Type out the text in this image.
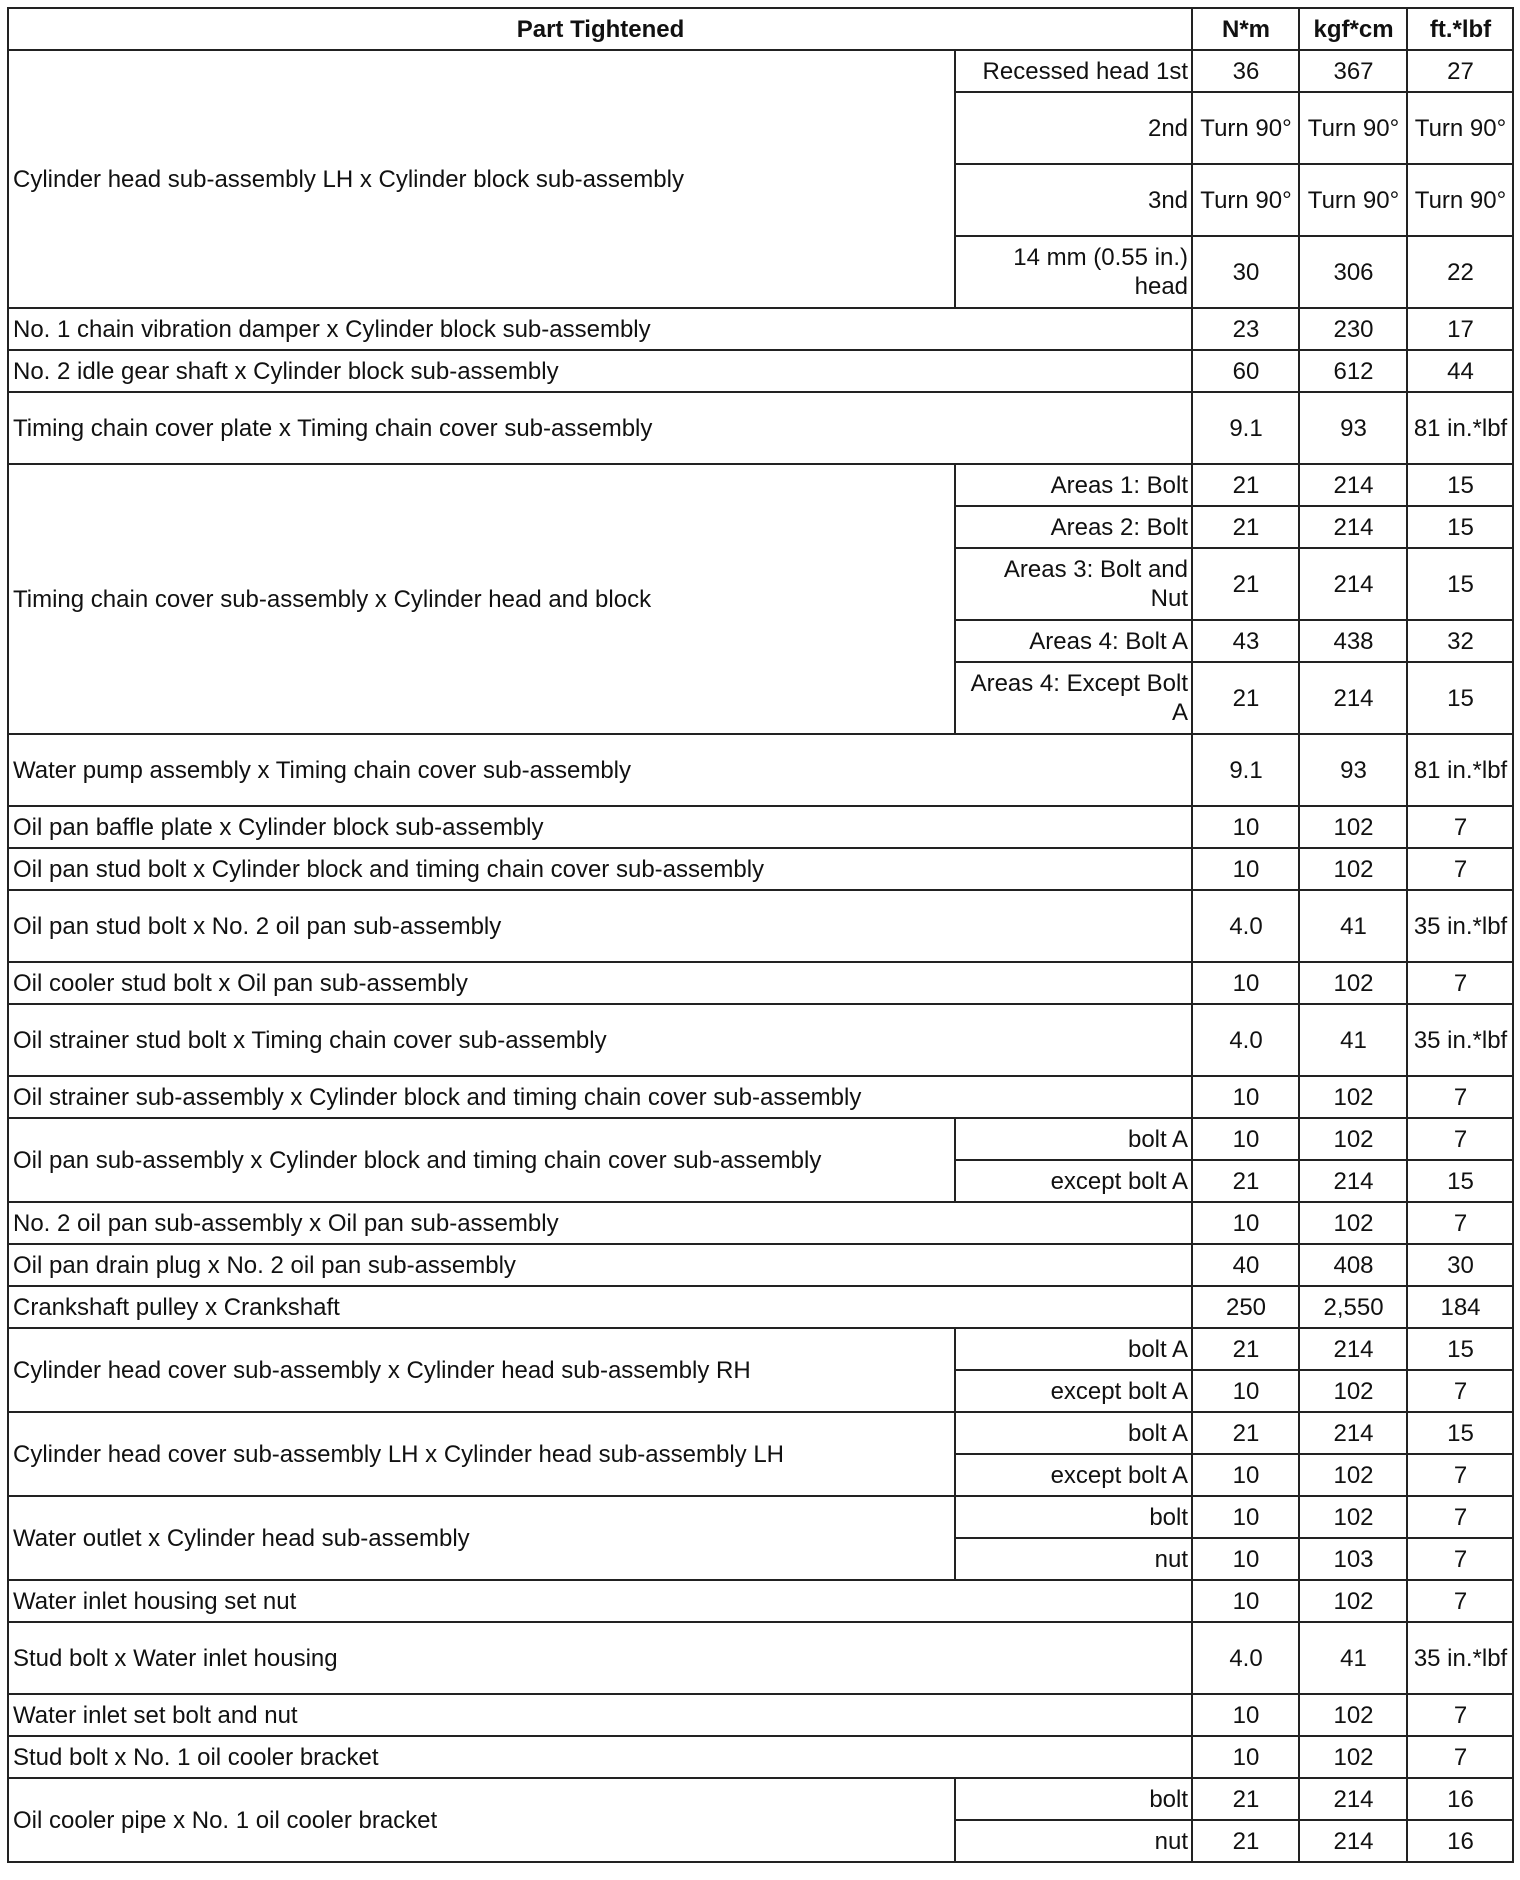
Part Tightened		N*m	kgf*cm	ft.*lbf
Cylinder head sub-assembly LH x Cylinder block sub-assembly	Recessed head 1st	36	367	27
	2nd	Turn 90°	Turn 90°	Turn 90°
	3nd	Turn 90°	Turn 90°	Turn 90°
	14 mm (0.55 in.) head	30	306	22
No. 1 chain vibration damper x Cylinder block sub-assembly		23	230	17
No. 2 idle gear shaft x Cylinder block sub-assembly		60	612	44
Timing chain cover plate x Timing chain cover sub-assembly		9.1	93	81 in.*lbf
Timing chain cover sub-assembly x Cylinder head and block	Areas 1: Bolt	21	214	15
	Areas 2: Bolt	21	214	15
	Areas 3: Bolt and Nut	21	214	15
	Areas 4: Bolt A	43	438	32
	Areas 4: Except Bolt A	21	214	15
Water pump assembly x Timing chain cover sub-assembly		9.1	93	81 in.*lbf
Oil pan baffle plate x Cylinder block sub-assembly		10	102	7
Oil pan stud bolt x Cylinder block and timing chain cover sub-assembly		10	102	7
Oil pan stud bolt x No. 2 oil pan sub-assembly		4.0	41	35 in.*lbf
Oil cooler stud bolt x Oil pan sub-assembly		10	102	7
Oil strainer stud bolt x Timing chain cover sub-assembly		4.0	41	35 in.*lbf
Oil strainer sub-assembly x Cylinder block and timing chain cover sub-assembly		10	102	7
Oil pan sub-assembly x Cylinder block and timing chain cover sub-assembly	bolt A	10	102	7
	except bolt A	21	214	15
No. 2 oil pan sub-assembly x Oil pan sub-assembly		10	102	7
Oil pan drain plug x No. 2 oil pan sub-assembly		40	408	30
Crankshaft pulley x Crankshaft		250	2,550	184
Cylinder head cover sub-assembly x Cylinder head sub-assembly RH	bolt A	21	214	15
	except bolt A	10	102	7
Cylinder head cover sub-assembly LH x Cylinder head sub-assembly LH	bolt A	21	214	15
	except bolt A	10	102	7
Water outlet x Cylinder head sub-assembly	bolt	10	102	7
	nut	10	103	7
Water inlet housing set nut		10	102	7
Stud bolt x Water inlet housing		4.0	41	35 in.*lbf
Water inlet set bolt and nut		10	102	7
Stud bolt x No. 1 oil cooler bracket		10	102	7
Oil cooler pipe x No. 1 oil cooler bracket	bolt	21	214	16
	nut	21	214	16
